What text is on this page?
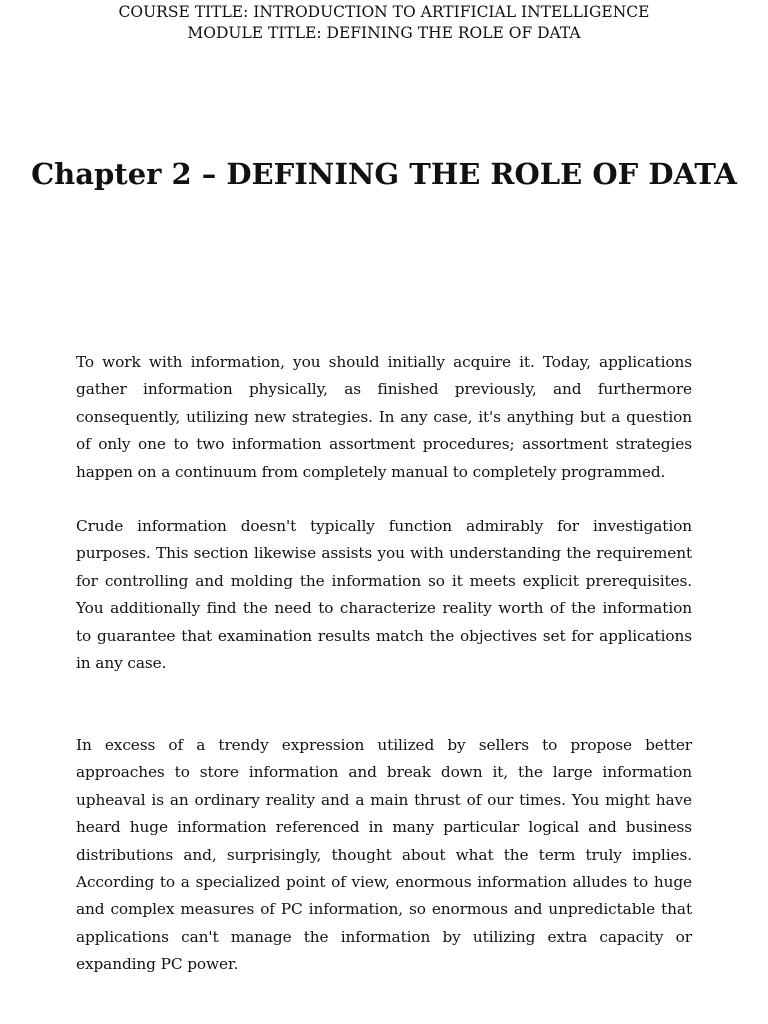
COURSE TITLE: INTRODUCTION TO ARTIFICIAL INTELLIGENCE
MODULE TITLE: DEFINING THE ROLE OF DATA
Chapter 2 – DEFINING THE ROLE OF DATA

To work with information, you should initially acquire it. Today, applications gather information physically, as finished previously, and furthermore consequently, utilizing new strategies. In any case, it's anything but a question of only one to two information assortment procedures; assortment strategies happen on a continuum from completely manual to completely programmed.

Crude information doesn't typically function admirably for investigation purposes. This section likewise assists you with understanding the requirement for controlling and molding the information so it meets explicit prerequisites. You additionally find the need to characterize reality worth of the information to guarantee that examination results match the objectives set for applications in any case.

In excess of a trendy expression utilized by sellers to propose better approaches to store information and break down it, the large information upheaval is an ordinary reality and a main thrust of our times. You might have heard huge information referenced in many particular logical and business distributions and, surprisingly, thought about what the term truly implies. According to a specialized point of view, enormous information alludes to huge and complex measures of PC information, so enormous and unpredictable that applications can't manage the information by utilizing extra capacity or expanding PC power.
